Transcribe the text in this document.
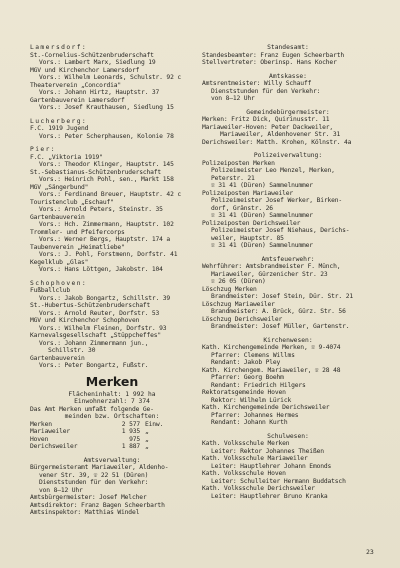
Lamersdorf:
St.-Cornelius-Schützenbruderschaft
Vors.: Lambert Marx, Siedlung 19
MGV und Kirchenchor Lamersdorf
Vors.: Wilhelm Leonards, Schulstr. 92 c
Theaterverein „Concordia"
Vors.: Johann Hirtz, Hauptstr. 37
Gartenbauverein Lamersdorf
Vors.: Josef Krauthausen, Siedlung 15
Lucherberg:
F.C. 1919 Jugend
Vors.: Peter Scherphausen, Kolonie 78
Pier:
F.C. „Viktoria 1919"
Vors.: Theodor Klinger, Hauptstr. 145
St.-Sebastianus-Schützenbruderschaft
Vors.: Heinrich Pohl, sen., Markt 158
MGV „Sängerbund"
Vors.: Ferdinand Breuer, Hauptstr. 42 c
Touristenclub „Eschauf"
Vors.: Arnold Peters, Steinstr. 35
Gartenbauverein
Vors.: Hch. Zimmermann, Hauptstr. 102
Trommler- und Pfeifercorps
Vors.: Werner Bergs, Hauptstr. 174 a
Taubenverein „Heimatliebe"
Vors.: J. Pohl, Forstmenn, Dorfstr. 41
Kegelklub „Glas"
Vors.: Hans Löttgen, Jakobstr. 104
Schophoven:
Fußballclub
Vors.: Jakob Bongartz, Schillstr. 39
St.-Hubertus-Schützenbruderschaft
Vors.: Arnold Reuter, Dorfstr. 53
MGV und Kirchenchor Schophoven
Vors.: Wilhelm Fleinen, Dorfstr. 93
Karnevalsgesellschaft „Stüppcheffes"
Vors.: Johann Zimmermann jun.,
Schillstr. 30
Gartenbauverein
Vors.: Peter Bongartz, Fußstr.
Merken
Flächeninhalt: 1 992 ha
Einwohnerzahl: 7 374
Das Amt Merken umfaßt folgende Ge-
meinden bzw. Ortschaften:
Merken	2 577 Einw.
Mariaweiler	1 935 „
Hoven	975 „
Derichsweiler	1 887 „
Amtsverwaltung:
Bürgermeisteramt Mariaweiler, Aldenho-
vener Str. 39, ☏ 22 51 (Düren)
Dienststunden für den Verkehr:
von 8–12 Uhr
Amtsbürgermeister: Josef Melcher
Amtsdirektor: Franz Bagen Scheerbarth
Amtsinspektor: Matthias Windel
Standesamt:
Standesbeamter: Franz Eugen Scheerbarth
Stellvertreter: Oberinsp. Hans Kocher
Amtskasse:
Amtsrentmeister: Willy Schauff
Dienststunden für den Verkehr:
von 8–12 Uhr
Gemeindebürgermeister:
Merken: Fritz Dick, Quirinusstr. 11
Mariaweiler-Hoven: Peter Dackweiler,
Mariaweiler, Aldenhovener Str. 31
Derichsweiler: Matth. Krohen, Kölnstr. 4a
Polizeiverwaltung:
Polizeiposten Merken
Polizeimeister Leo Menzel, Merken,
Peterstr. 21
☏ 31 41 (Düren) Sammelnummer
Polizeiposten Mariaweiler
Polizeimeister Josef Werker, Birken-
dorf, Gränstr. 26
☏ 31 41 (Düren) Sammelnummer
Polizeiposten Derichsweiler
Polizeimeister Josef Niehaus, Derichs-
weiler, Hauptstr. 85
☏ 31 41 (Düren) Sammelnummer
Amtsfeuerwehr:
Wehrführer: Amtsbrandmeister F. Münch,
Mariaweiler, Gürzenicher Str. 23
☏ 26 05 (Düren)
Löschzug Merken
Brandmeister: Josef Stein, Dür. Str. 21
Löschzug Mariaweiler
Brandmeister: A. Brück, Gürz. Str. 56
Löschzug Derichsweiler
Brandmeister: Josef Müller, Gartenstr.
Kirchenwesen:
Kath. Kirchengemeinde Merken, ☏ 9-4074
Pfarrer: Clemens Willms
Rendant: Jakob Pley
Kath. Kirchengem. Mariaweiler, ☏ 28 48
Pfarrer: Georg Boehm
Rendant: Friedrich Hilgers
Rektoratsgemeinde Hoven
Rektor: Wilhelm Lürick
Kath. Kirchengemeinde Derichsweiler
Pfarrer: Johannes Hermes
Rendant: Johann Kurth
Schulwesen:
Kath. Volksschule Merken
Leiter: Rektor Johannes Theißen
Kath. Volksschule Mariaweiler
Leiter: Hauptlehrer Johann Emonds
Kath. Volksschule Hoven
Leiter: Schulleiter Hermann Buddatsch
Kath. Volksschule Derichsweiler
Leiter: Hauptlehrer Bruno Kranka
23
